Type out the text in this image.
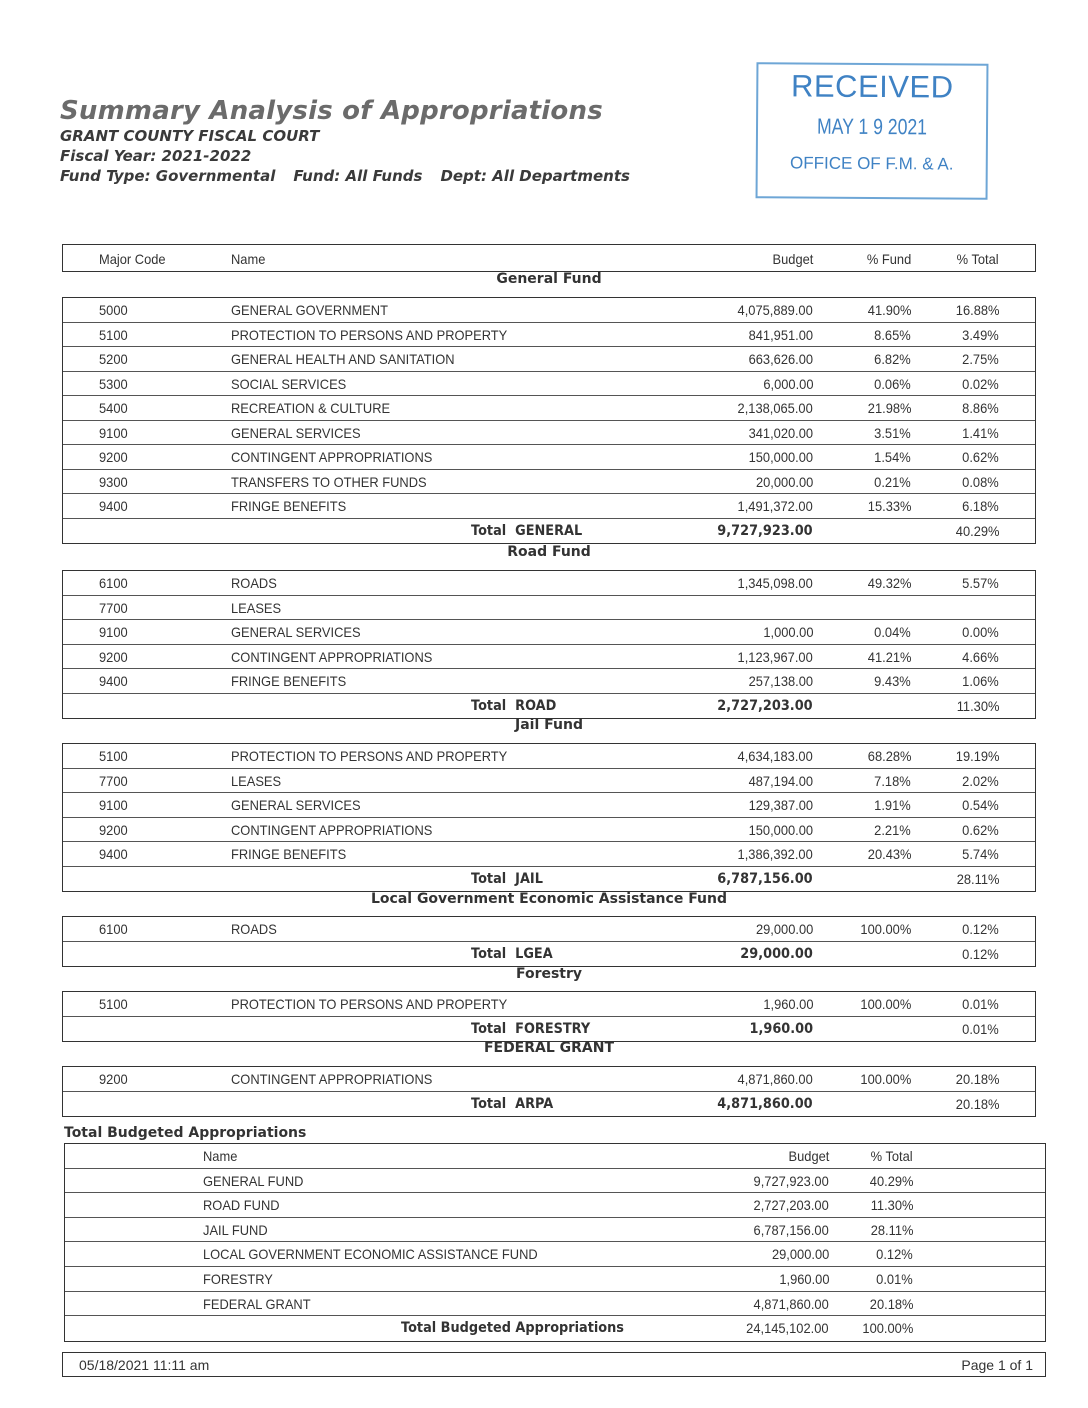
Summary Analysis of Appropriations
GRANT COUNTY FISCAL COURT
Fiscal Year: 2021-2022
Fund Type: Governmental Fund: All Funds Dept: All Departments
RECEIVED
MAY 1 9 2021
OFFICE OF F.M. & A.
Major Code	Name	Budget	% Fund	% Total
General Fund
5000	GENERAL GOVERNMENT	4,075,889.00	41.90%	16.88%
5100	PROTECTION TO PERSONS AND PROPERTY	841,951.00	8.65%	3.49%
5200	GENERAL HEALTH AND SANITATION	663,626.00	6.82%	2.75%
5300	SOCIAL SERVICES	6,000.00	0.06%	0.02%
5400	RECREATION & CULTURE	2,138,065.00	21.98%	8.86%
9100	GENERAL SERVICES	341,020.00	3.51%	1.41%
9200	CONTINGENT APPROPRIATIONS	150,000.00	1.54%	0.62%
9300	TRANSFERS TO OTHER FUNDS	20,000.00	0.21%	0.08%
9400	FRINGE BENEFITS	1,491,372.00	15.33%	6.18%
Total  GENERAL	9,727,923.00	40.29%
Road Fund
6100	ROADS	1,345,098.00	49.32%	5.57%
7700	LEASES
9100	GENERAL SERVICES	1,000.00	0.04%	0.00%
9200	CONTINGENT APPROPRIATIONS	1,123,967.00	41.21%	4.66%
9400	FRINGE BENEFITS	257,138.00	9.43%	1.06%
Total  ROAD	2,727,203.00	11.30%
Jail Fund
5100	PROTECTION TO PERSONS AND PROPERTY	4,634,183.00	68.28%	19.19%
7700	LEASES	487,194.00	7.18%	2.02%
9100	GENERAL SERVICES	129,387.00	1.91%	0.54%
9200	CONTINGENT APPROPRIATIONS	150,000.00	2.21%	0.62%
9400	FRINGE BENEFITS	1,386,392.00	20.43%	5.74%
Total  JAIL	6,787,156.00	28.11%
Local Government Economic Assistance Fund
6100	ROADS	29,000.00	100.00%	0.12%
Total  LGEA	29,000.00	0.12%
Forestry
5100	PROTECTION TO PERSONS AND PROPERTY	1,960.00	100.00%	0.01%
Total  FORESTRY	1,960.00	0.01%
FEDERAL GRANT
9200	CONTINGENT APPROPRIATIONS	4,871,860.00	100.00%	20.18%
Total  ARPA	4,871,860.00	20.18%
Total Budgeted Appropriations
Name	Budget	% Total
GENERAL FUND	9,727,923.00	40.29%
ROAD FUND	2,727,203.00	11.30%
JAIL FUND	6,787,156.00	28.11%
LOCAL GOVERNMENT ECONOMIC ASSISTANCE FUND	29,000.00	0.12%
FORESTRY	1,960.00	0.01%
FEDERAL GRANT	4,871,860.00	20.18%
Total Budgeted Appropriations	24,145,102.00 100.00%
05/18/2021 11:11 am	Page 1 of 1
